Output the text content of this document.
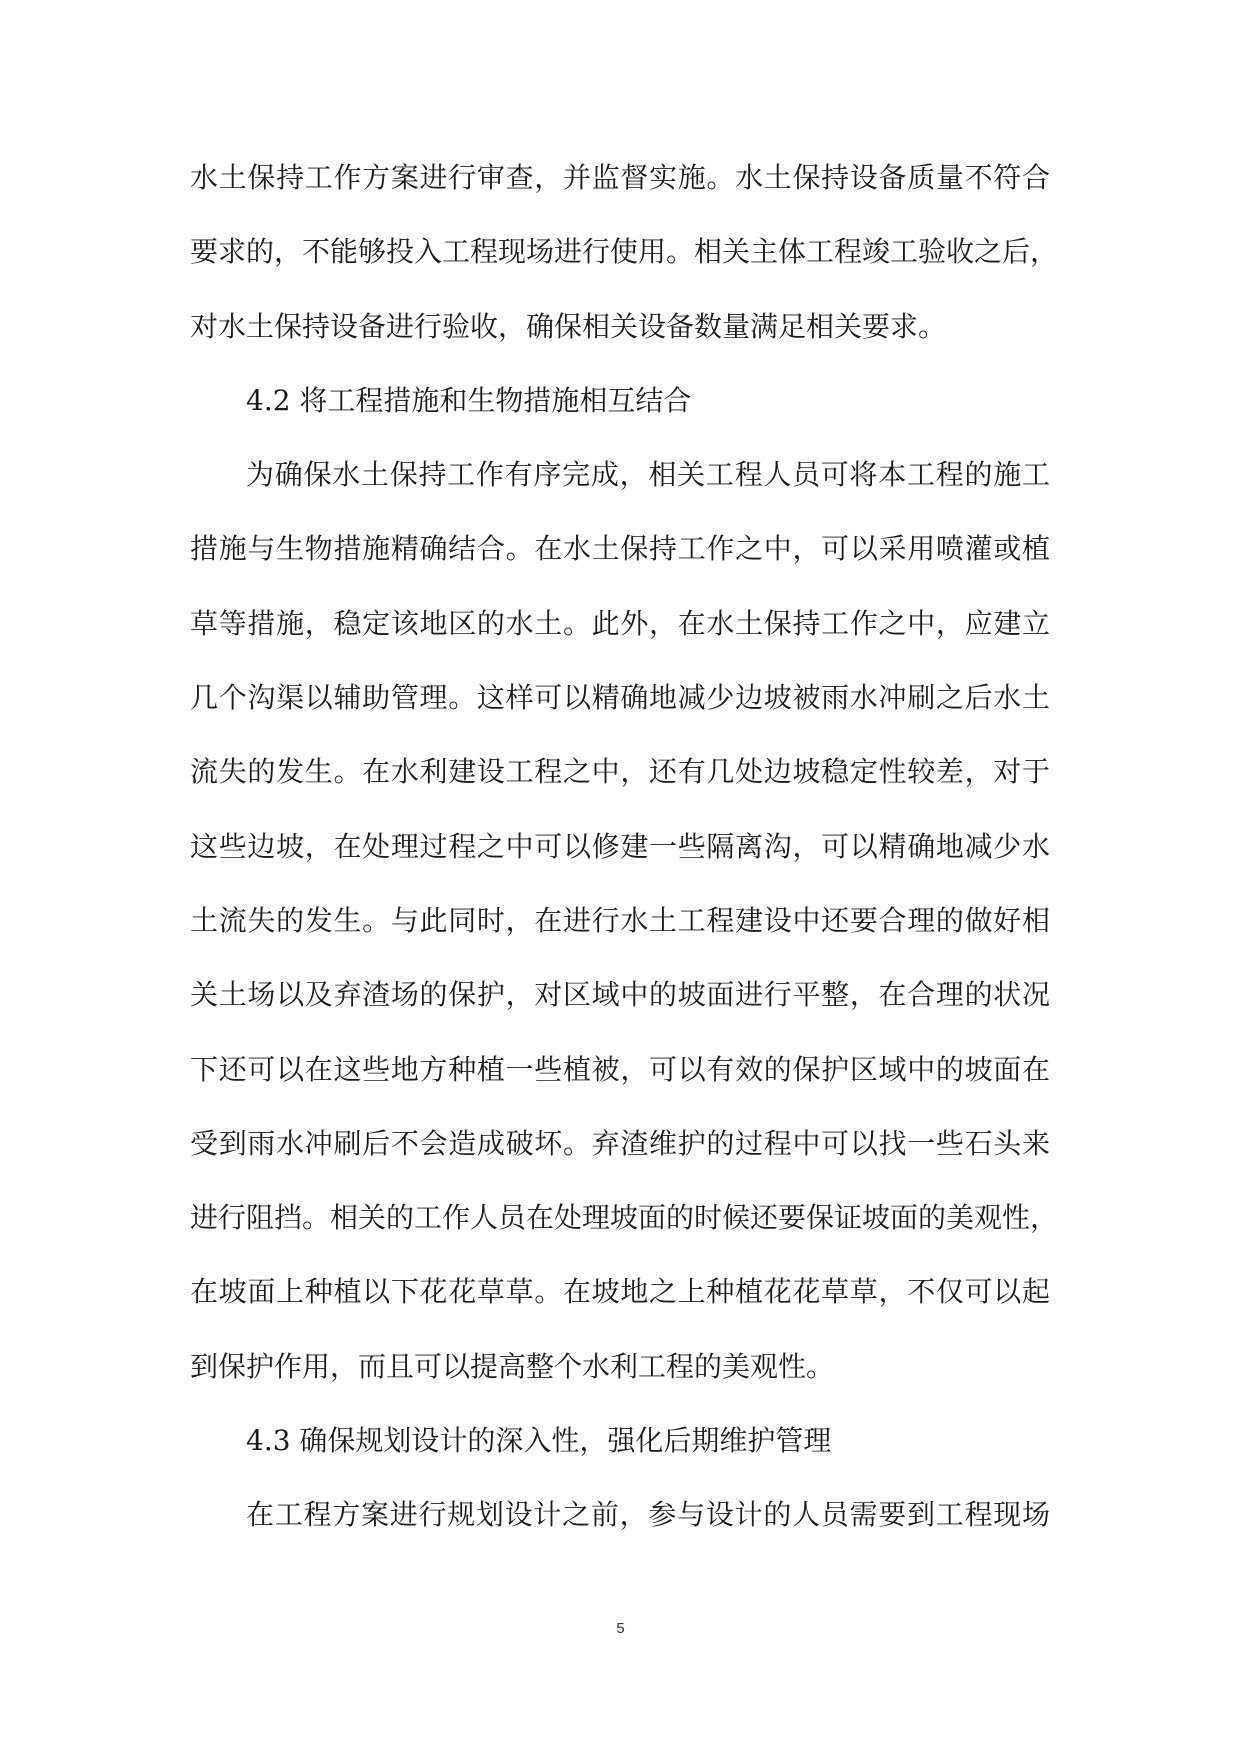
水土保持工作方案进行审查，并监督实施。水土保持设备质量不符合
要求的，不能够投入工程现场进行使用。相关主体工程竣工验收之后，
对水土保持设备进行验收，确保相关设备数量满足相关要求。
4.2 将工程措施和生物措施相互结合
为确保水土保持工作有序完成，相关工程人员可将本工程的施工
措施与生物措施精确结合。在水土保持工作之中，可以采用喷灌或植
草等措施，稳定该地区的水土。此外，在水土保持工作之中，应建立
几个沟渠以辅助管理。这样可以精确地减少边坡被雨水冲刷之后水土
流失的发生。在水利建设工程之中，还有几处边坡稳定性较差，对于
这些边坡，在处理过程之中可以修建一些隔离沟，可以精确地减少水
土流失的发生。与此同时，在进行水土工程建设中还要合理的做好相
关土场以及弃渣场的保护，对区域中的坡面进行平整，在合理的状况
下还可以在这些地方种植一些植被，可以有效的保护区域中的坡面在
受到雨水冲刷后不会造成破坏。弃渣维护的过程中可以找一些石头来
进行阻挡。相关的工作人员在处理坡面的时候还要保证坡面的美观性，
在坡面上种植以下花花草草。在坡地之上种植花花草草，不仅可以起
到保护作用，而且可以提高整个水利工程的美观性。
4.3 确保规划设计的深入性，强化后期维护管理
在工程方案进行规划设计之前，参与设计的人员需要到工程现场
5
